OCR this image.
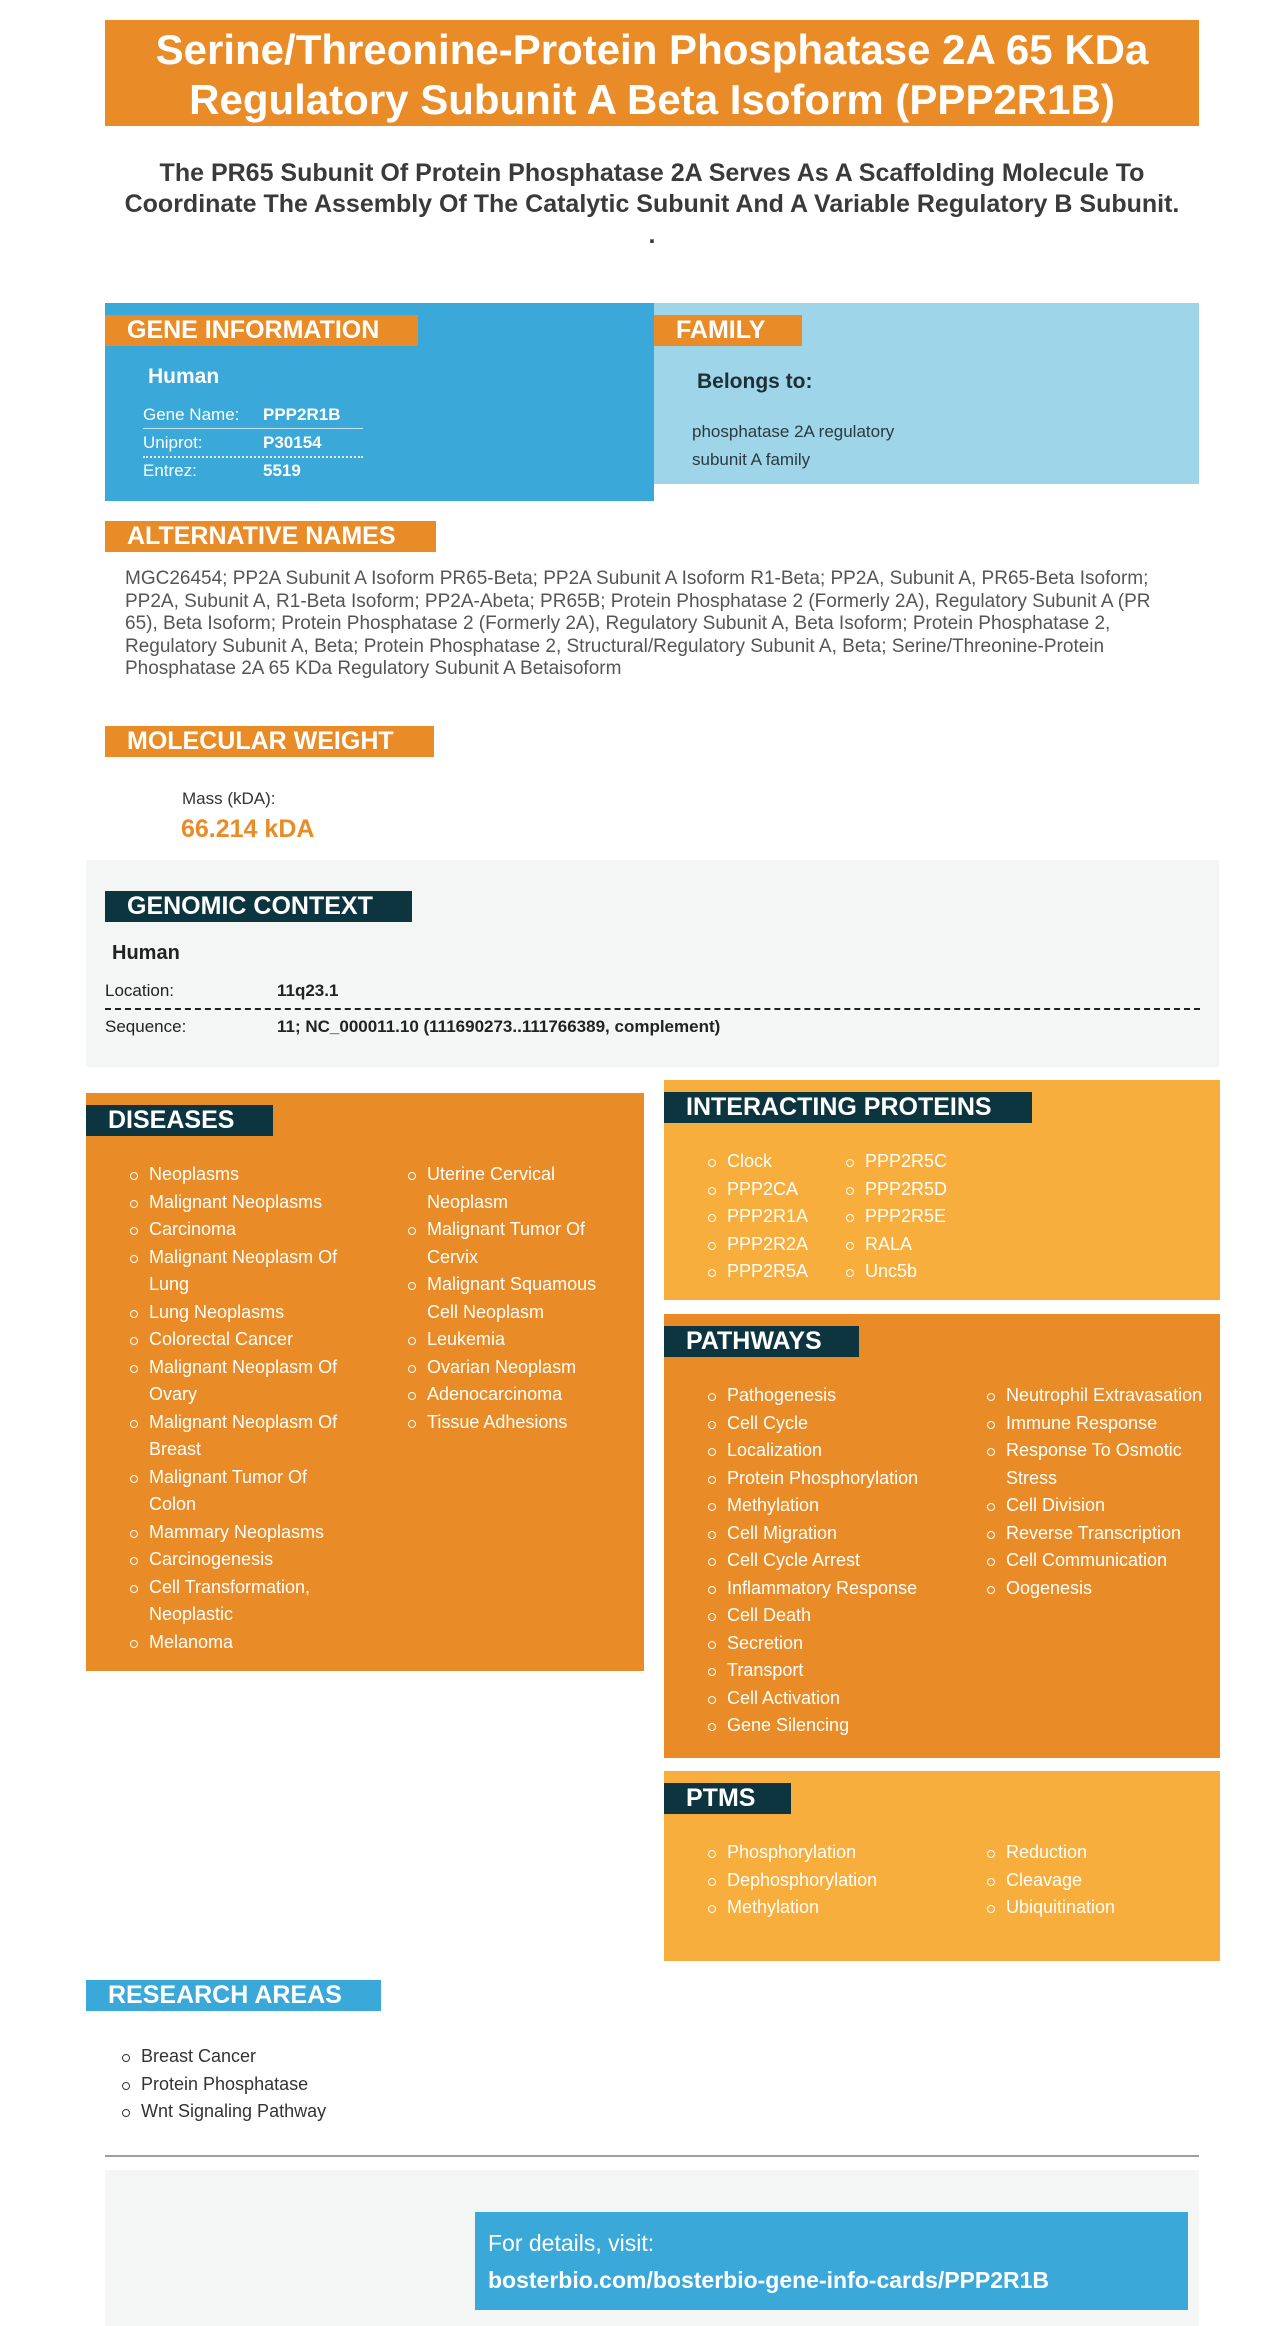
Serine/Threonine-Protein Phosphatase 2A 65 KDa Regulatory Subunit A Beta Isoform (PPP2R1B)
The PR65 Subunit Of Protein Phosphatase 2A Serves As A Scaffolding Molecule To Coordinate The Assembly Of The Catalytic Subunit And A Variable Regulatory B Subunit. .
GENE INFORMATION
Human
Gene Name: PPP2R1B
Uniprot:	P30154
Entrez:	5519
FAMILY
Belongs to:
phosphatase 2A regulatory
subunit A family
ALTERNATIVE NAMES
MGC26454; PP2A Subunit A Isoform PR65-Beta; PP2A Subunit A Isoform R1-Beta; PP2A, Subunit A, PR65-Beta Isoform; PP2A, Subunit A, R1-Beta Isoform; PP2A-Abeta; PR65B; Protein Phosphatase 2 (Formerly 2A), Regulatory Subunit A (PR 65), Beta Isoform; Protein Phosphatase 2 (Formerly 2A), Regulatory Subunit A, Beta Isoform; Protein Phosphatase 2, Regulatory Subunit A, Beta; Protein Phosphatase 2, Structural/Regulatory Subunit A, Beta; Serine/Threonine-Protein Phosphatase 2A 65 KDa Regulatory Subunit A Betaisoform
MOLECULAR WEIGHT
Mass (kDA):
66.214 kDA
GENOMIC CONTEXT
Human
Location:	11q23.1
Sequence:	11; NC_000011.10 (111690273..111766389, complement)
DISEASES
Neoplasms
Malignant Neoplasms
Carcinoma
Malignant Neoplasm Of Lung
Lung Neoplasms
Colorectal Cancer
Malignant Neoplasm Of Ovary
Malignant Neoplasm Of Breast
Malignant Tumor Of Colon
Mammary Neoplasms
Carcinogenesis
Cell Transformation, Neoplastic
Melanoma
Uterine Cervical Neoplasm
Malignant Tumor Of Cervix
Malignant Squamous Cell Neoplasm
Leukemia
Ovarian Neoplasm
Adenocarcinoma
Tissue Adhesions
INTERACTING PROTEINS
Clock
PPP2CA
PPP2R1A
PPP2R2A
PPP2R5A
PPP2R5C
PPP2R5D
PPP2R5E
RALA
Unc5b
PATHWAYS
Pathogenesis
Cell Cycle
Localization
Protein Phosphorylation
Methylation
Cell Migration
Cell Cycle Arrest
Inflammatory Response
Cell Death
Secretion
Transport
Cell Activation
Gene Silencing
Neutrophil Extravasation
Immune Response
Response To Osmotic Stress
Cell Division
Reverse Transcription
Cell Communication
Oogenesis
PTMS
Phosphorylation
Dephosphorylation
Methylation
Reduction
Cleavage
Ubiquitination
RESEARCH AREAS
Breast Cancer
Protein Phosphatase
Wnt Signaling Pathway
For details, visit:
bosterbio.com/bosterbio-gene-info-cards/PPP2R1B
